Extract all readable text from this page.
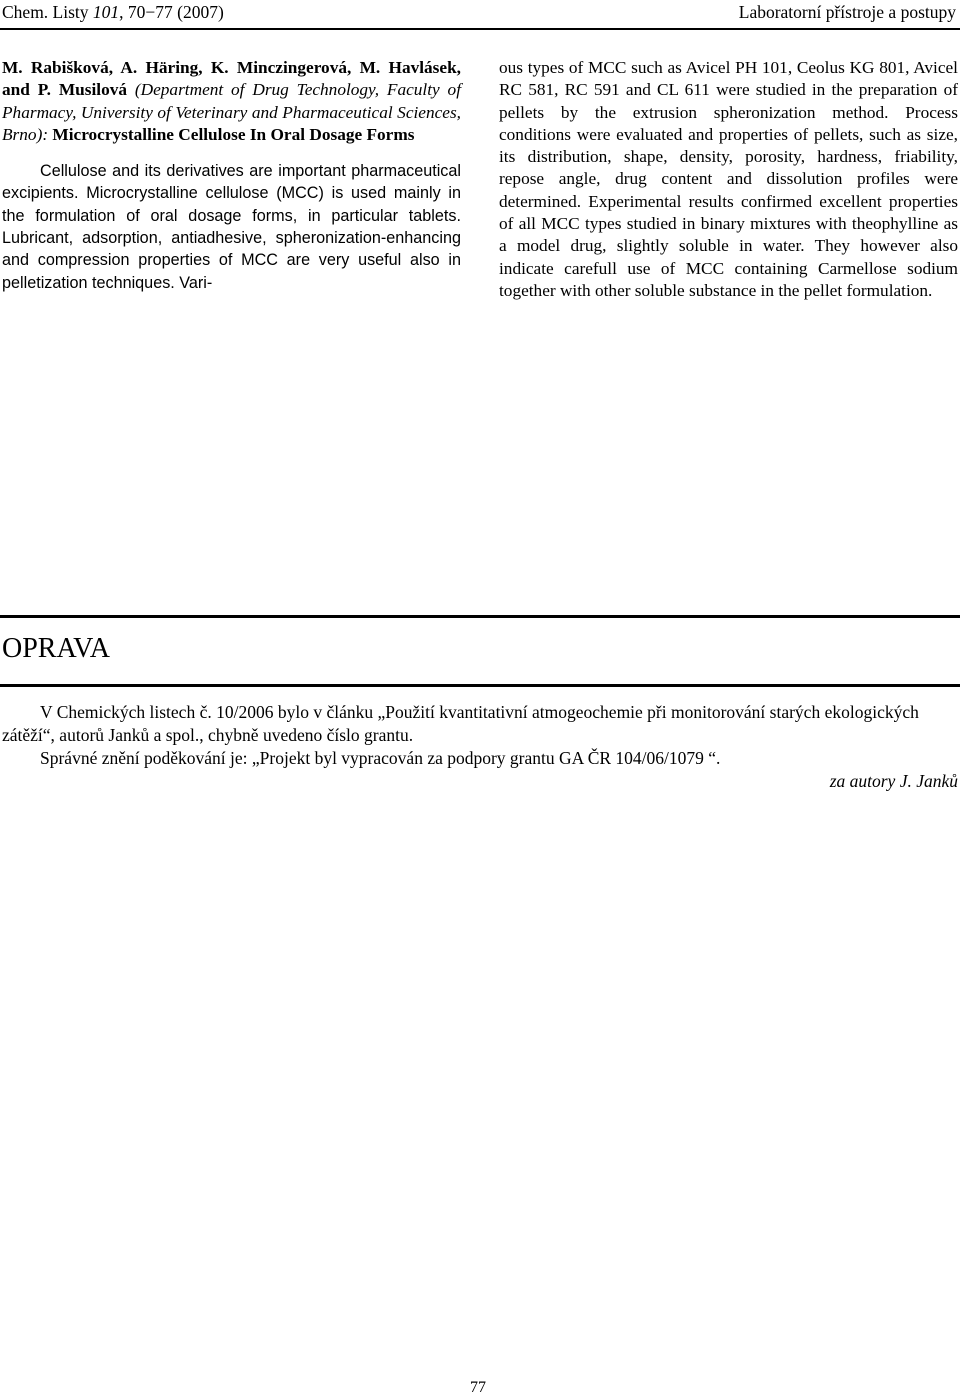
Chem. Listy 101, 70−77 (2007)	Laboratorní přístroje a postupy

M. Rabišková, A. Häring, K. Minczingerová, M. Havlásek, and P. Musilová (Department of Drug Technology, Faculty of Pharmacy, University of Veterinary and Pharmaceutical Sciences, Brno): Microcrystalline Cellulose In Oral Dosage Forms

Cellulose and its derivatives are important pharmaceutical excipients. Microcrystalline cellulose (MCC) is used mainly in the formulation of oral dosage forms, in particular tablets. Lubricant, adsorption, antiadhesive, spheronization-enhancing and compression properties of MCC are very useful also in pelletization techniques. Vari-

ous types of MCC such as Avicel PH 101, Ceolus KG 801, Avicel RC 581, RC 591 and CL 611 were studied in the preparation of pellets by the extrusion spheronization method. Process conditions were evaluated and properties of pellets, such as size, its distribution, shape, density, porosity, hardness, friability, repose angle, drug content and dissolution profiles were determined. Experimental results confirmed excellent properties of all MCC types studied in binary mixtures with theophylline as a model drug, slightly soluble in water. They however also indicate carefull use of MCC containing Carmellose sodium together with other soluble substance in the pellet formulation.

OPRAVA

V Chemických listech č. 10/2006 bylo v článku „Použití kvantitativní atmogeochemie při monitorování starých ekologických zátěží“, autorů Janků a spol., chybně uvedeno číslo grantu.

Správné znění poděkování je: „Projekt byl vypracován za podpory grantu GA ČR 104/06/1079 “.

za autory J. Janků

77
